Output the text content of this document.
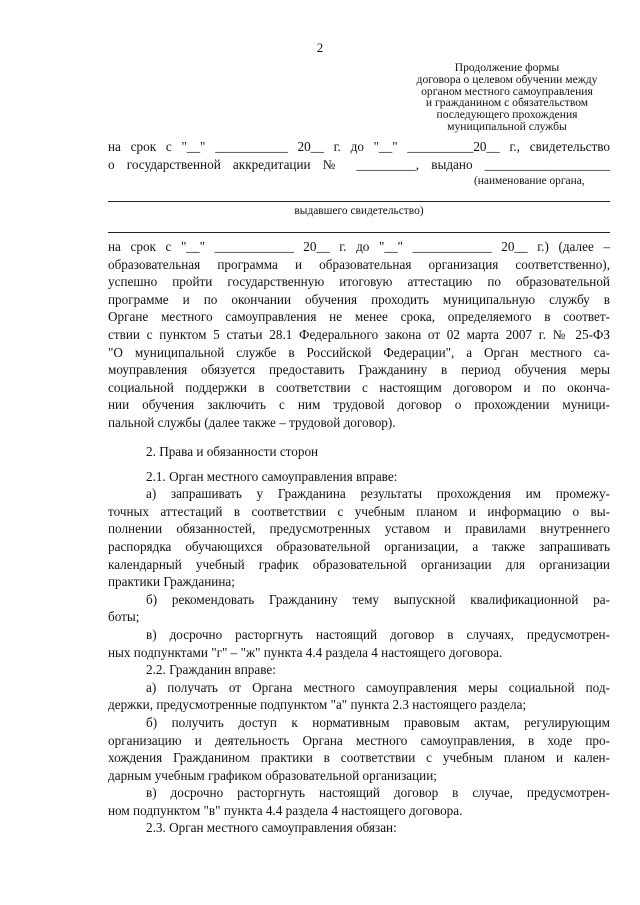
2
Продолжение формы
договора о целевом обучении между
органом местного самоуправления
и гражданином с обязательством
последующего прохождения
муниципальной службы

на срок с "__" ___________ 20__ г. до "__" __________20__ г., свидетельство

о государственной аккредитации № _________, выдано ___________________

(наименование органа,
выдавшего свидетельство)

на срок с "__" ____________ 20__ г. до "__" ____________ 20__ г.) (далее –

образовательная программа и образовательная организация соответственно),

успешно пройти государственную итоговую аттестацию по образовательной

программе и по окончании обучения проходить муниципальную службу в

Органе местного самоуправления не менее срока, определяемого в соответ-

ствии с пунктом 5 статьи 28.1 Федерального закона от 02 марта 2007 г. № 25-ФЗ

"О муниципальной службе в Российской Федерации", а Орган местного са-

моуправления обязуется предоставить Гражданину в период обучения меры

социальной поддержки в соответствии с настоящим договором и по оконча-

нии обучения заключить с ним трудовой договор о прохождении муници-

пальной службы (далее также – трудовой договор).

2. Права и обязанности сторон

2.1. Орган местного самоуправления вправе:

а) запрашивать у Гражданина результаты прохождения им промежу-

точных аттестаций в соответствии с учебным планом и информацию о вы-

полнении обязанностей, предусмотренных уставом и правилами внутреннего

распорядка обучающихся образовательной организации, а также запрашивать

календарный учебный график образовательной организации для организации

практики Гражданина;

б) рекомендовать Гражданину тему выпускной квалификационной ра-

боты;

в) досрочно расторгнуть настоящий договор в случаях, предусмотрен-

ных подпунктами "г" – "ж" пункта 4.4 раздела 4 настоящего договора.

2.2. Гражданин вправе:

а) получать от Органа местного самоуправления меры социальной под-

держки, предусмотренные подпунктом "а" пункта 2.3 настоящего раздела;

б) получить доступ к нормативным правовым актам, регулирующим

организацию и деятельность Органа местного самоуправления, в ходе про-

хождения Гражданином практики в соответствии с учебным планом и кален-

дарным учебным графиком образовательной организации;

в) досрочно расторгнуть настоящий договор в случае, предусмотрен-

ном подпунктом "в" пункта 4.4 раздела 4 настоящего договора.

2.3. Орган местного самоуправления обязан:
